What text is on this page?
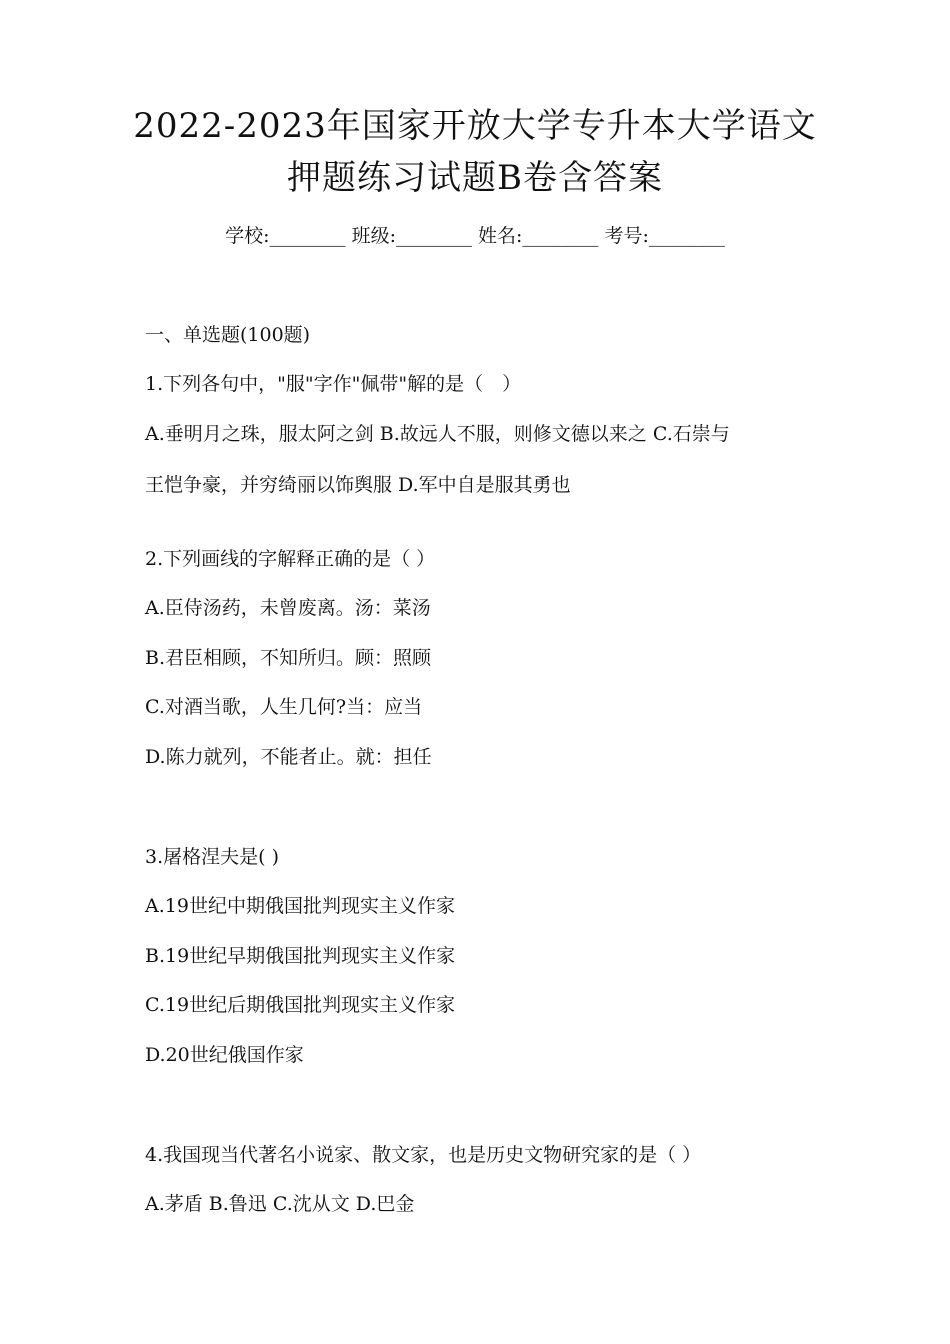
2022-2023年国家开放大学专升本大学语文
押题练习试题B卷含答案
学校:________ 班级:________ 姓名:________ 考号:________
一、单选题(100题)
1.下列各句中，"服"字作"佩带"解的是（　）
A.垂明月之珠，服太阿之剑 B.故远人不服，则修文德以来之 C.石崇与
王恺争豪，并穷绮丽以饰舆服 D.军中自是服其勇也
2.下列画线的字解释正确的是（ ）
A.臣侍汤药，未曾废离。汤：菜汤
B.君臣相顾，不知所归。顾：照顾
C.对酒当歌，人生几何?当：应当
D.陈力就列，不能者止。就：担任
3.屠格涅夫是( )
A.19世纪中期俄国批判现实主义作家
B.19世纪早期俄国批判现实主义作家
C.19世纪后期俄国批判现实主义作家
D.20世纪俄国作家
4.我国现当代著名小说家、散文家，也是历史文物研究家的是（ ）
A.茅盾 B.鲁迅 C.沈从文 D.巴金
